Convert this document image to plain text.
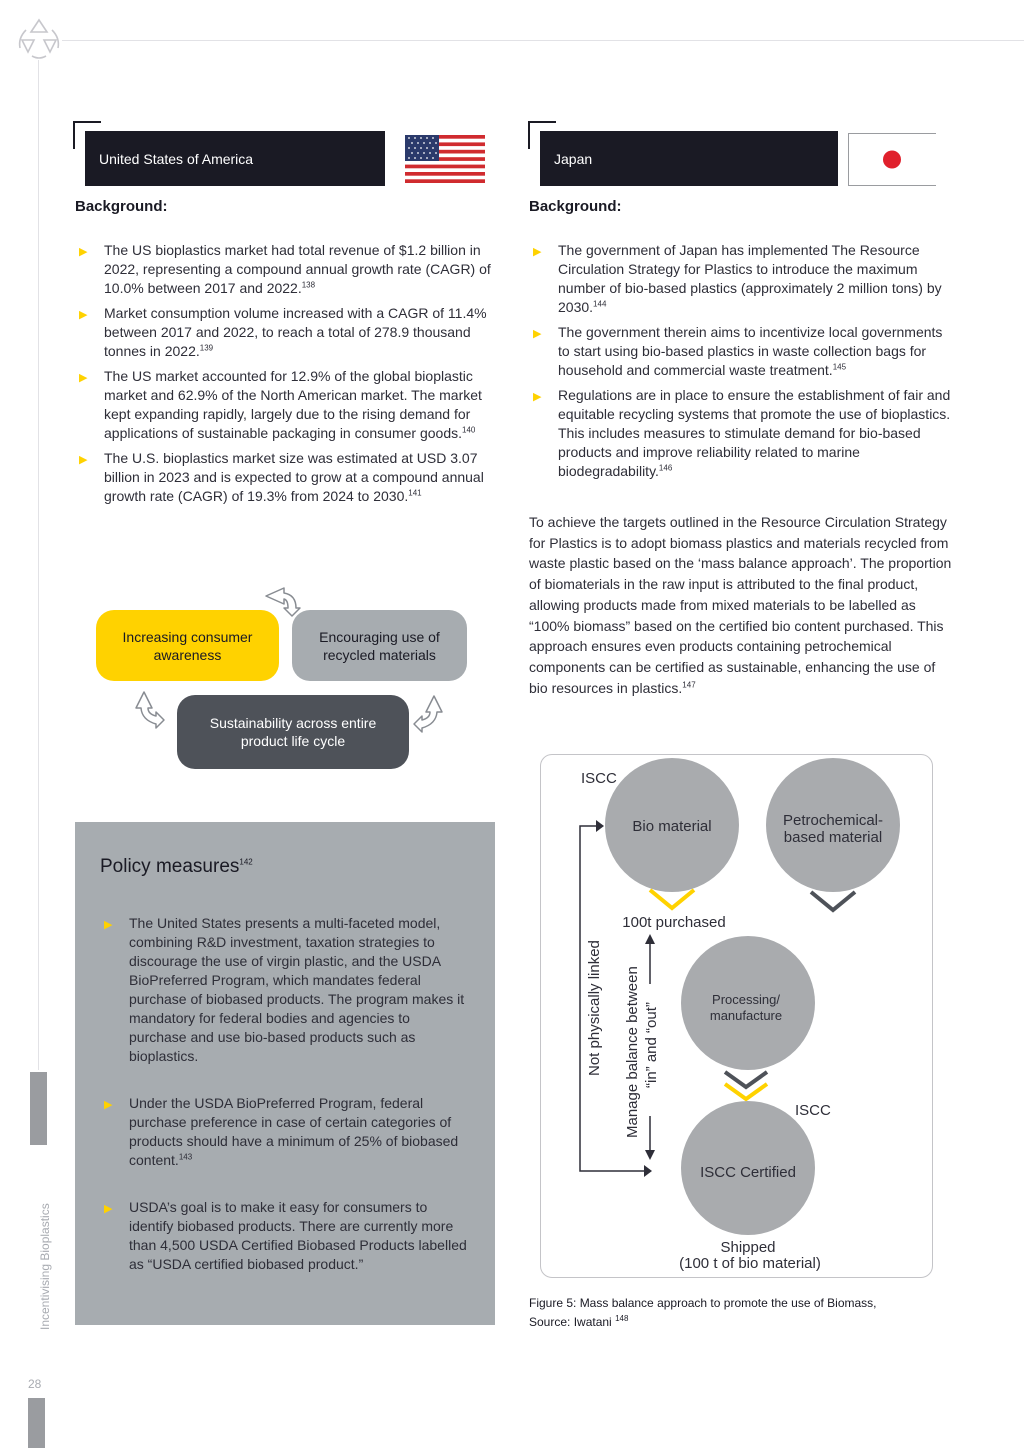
Incentivising Bioplastics
28
United States of America
Background:
▶ The US bioplastics market had total revenue of $1.2 billion in 2022, representing a compound annual growth rate (CAGR) of 10.0% between 2017 and 2022.$^{138}$
▶ Market consumption volume increased with a CAGR of 11.4% between 2017 and 2022, to reach a total of 278.9 thousand tonnes in 2022.$^{139}$
▶ The US market accounted for 12.9% of the global bioplastic market and 62.9% of the North American market. The market kept expanding rapidly, largely due to the rising demand for applications of sustainable packaging in consumer goods.$^{140}$
▶ The U.S. bioplastics market size was estimated at USD 3.07 billion in 2023 and is expected to grow at a compound annual growth rate (CAGR) of 19.3% from 2024 to 2030.$^{141}$
Increasing consumer awareness
Encouraging use of recycled materials
Sustainability across entire product life cycle
Policy measures$^{142}$
▶ The United States presents a multi-faceted model, combining R&D investment, taxation strategies to discourage the use of virgin plastic, and the USDA BioPreferred Program, which mandates federal purchase of biobased products. The program makes it mandatory for federal bodies and agencies to purchase and use bio-based products such as bioplastics.
▶ Under the USDA BioPreferred Program, federal purchase preference in case of certain categories of products should have a minimum of 25% of biobased content.$^{143}$
▶ USDA’s goal is to make it easy for consumers to identify biobased products. There are currently more than 4,500 USDA Certified Biobased Products labelled as “USDA certified biobased product.”
Japan
Background:
▶ The government of Japan has implemented The Resource Circulation Strategy for Plastics to introduce the maximum number of bio-based plastics (approximately 2 million tons) by 2030.$^{144}$
▶ The government therein aims to incentivize local governments to start using bio-based plastics in waste collection bags for household and commercial waste treatment.$^{145}$
▶ Regulations are in place to ensure the establishment of fair and equitable recycling systems that promote the use of bioplastics. This includes measures to stimulate demand for bio-based products and improve reliability related to marine biodegradability.$^{146}$
To achieve the targets outlined in the Resource Circulation Strategy for Plastics is to adopt biomass plastics and materials recycled from waste plastic based on the ‘mass balance approach’. The proportion of biomaterials in the raw input is attributed to the final product, allowing products made from mixed materials to be labelled as “100% biomass” based on the certified bio content purchased. This approach ensures even products containing petrochemical components can be certified as sustainable, enhancing the use of bio resources in plastics.$^{147}$
ISCC
Bio material	Petrochemical-
based material
100t purchased
Processing/
manufacture
ISCC
ISCC Certified
Shipped
(100 t of bio material)
Not physically linked Manage balance between “in” and “out”
Figure 5: Mass balance approach to promote the use of Biomass,
Source: Iwatani $^{148}$
